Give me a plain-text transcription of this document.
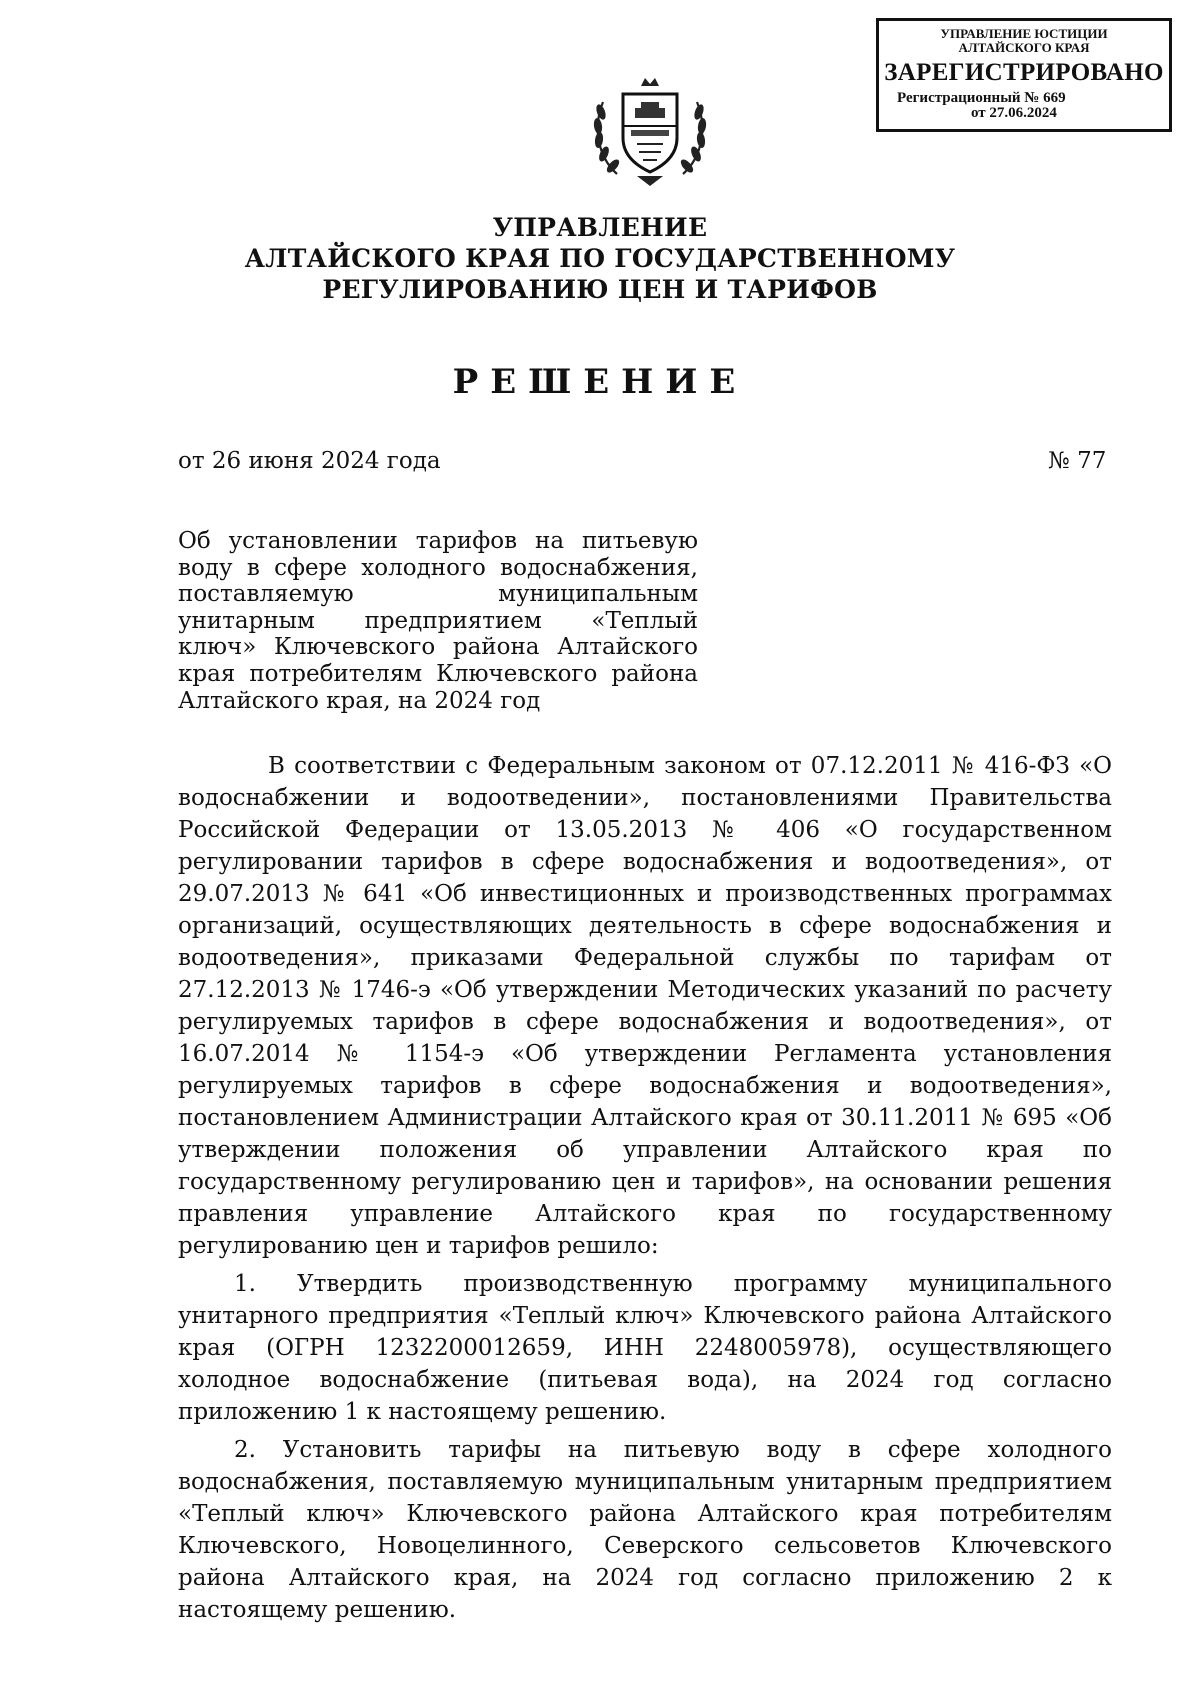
УПРАВЛЕНИЕ ЮСТИЦИИ
АЛТАЙСКОГО КРАЯ
ЗАРЕГИСТРИРОВАНО
Регистрационный № 669
от 27.06.2024
УПРАВЛЕНИЕ
АЛТАЙСКОГО КРАЯ ПО ГОСУДАРСТВЕННОМУ
РЕГУЛИРОВАНИЮ ЦЕН И ТАРИФОВ
РЕШЕНИЕ
от 26 июня 2024 года	№ 77
Об установлении тарифов на питьевую воду в сфере холодного водоснабжения, поставляемую муниципальным унитарным предприятием «Теплый ключ» Ключевского района Алтайского края потребителям Ключевского района Алтайского края, на 2024 год

В соответствии с Федеральным законом от 07.12.2011 № 416-ФЗ «О водоснабжении и водоотведении», постановлениями Правительства Российской Федерации от 13.05.2013 № 406 «О государственном регулировании тарифов в сфере водоснабжения и водоотведения», от 29.07.2013 № 641 «Об инвестиционных и производственных программах организаций, осуществляющих деятельность в сфере водоснабжения и водоотведения», приказами Федеральной службы по тарифам от 27.12.2013 № 1746-э «Об утверждении Методических указаний по расчету регулируемых тарифов в сфере водоснабжения и водоотведения», от 16.07.2014 № 1154-э «Об утверждении Регламента установления регулируемых тарифов в сфере водоснабжения и водоотведения», постановлением Администрации Алтайского края от 30.11.2011 № 695 «Об утверждении положения об управлении Алтайского края по государственному регулированию цен и тарифов», на основании решения правления управление Алтайского края по государственному регулированию цен и тарифов решило:

1. Утвердить производственную программу муниципального унитарного предприятия «Теплый ключ» Ключевского района Алтайского края (ОГРН 1232200012659, ИНН 2248005978), осуществляющего холодное водоснабжение (питьевая вода), на 2024 год согласно приложению 1 к настоящему решению.

2. Установить тарифы на питьевую воду в сфере холодного водоснабжения, поставляемую муниципальным унитарным предприятием «Теплый ключ» Ключевского района Алтайского края потребителям Ключевского, Новоцелинного, Северского сельсоветов Ключевского района Алтайского края, на 2024 год согласно приложению 2 к настоящему решению.
